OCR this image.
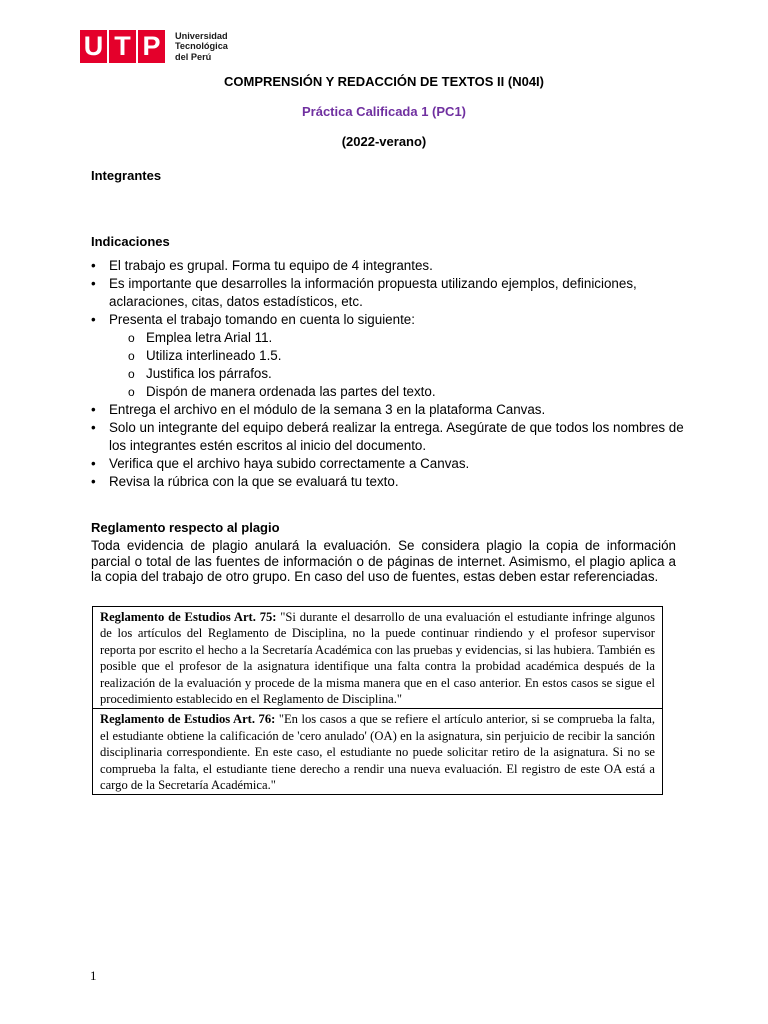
U T P	Universidad
Tecnológica
del Perú
COMPRENSIÓN Y REDACCIÓN DE TEXTOS II (N04I)
Práctica Calificada 1 (PC1)
(2022-verano)
Integrantes
Indicaciones
• El trabajo es grupal. Forma tu equipo de 4 integrantes.
• Es importante que desarrolles la información propuesta utilizando ejemplos, definiciones, aclaraciones, citas, datos estadísticos, etc.
• Presenta el trabajo tomando en cuenta lo siguiente:
o Emplea letra Arial 11.
o Utiliza interlineado 1.5.
o Justifica los párrafos.
o Dispón de manera ordenada las partes del texto.
• Entrega el archivo en el módulo de la semana 3 en la plataforma Canvas.
• Solo un integrante del equipo deberá realizar la entrega. Asegúrate de que todos los nombres de los integrantes estén escritos al inicio del documento.
• Verifica que el archivo haya subido correctamente a Canvas.
• Revisa la rúbrica con la que se evaluará tu texto.
Reglamento respecto al plagio

Toda evidencia de plagio anulará la evaluación. Se considera plagio la copia de información parcial o total de las fuentes de información o de páginas de internet. Asimismo, el plagio aplica a la copia del trabajo de otro grupo. En caso del uso de fuentes, estas deben estar referenciadas.

Reglamento de Estudios Art. 75: "Si durante el desarrollo de una evaluación el estudiante infringe algunos de los artículos del Reglamento de Disciplina, no la puede continuar rindiendo y el profesor supervisor reporta por escrito el hecho a la Secretaría Académica con las pruebas y evidencias, si las hubiera. También es posible que el profesor de la asignatura identifique una falta contra la probidad académica después de la realización de la evaluación y procede de la misma manera que en el caso anterior. En estos casos se sigue el procedimiento establecido en el Reglamento de Disciplina."
Reglamento de Estudios Art. 76: "En los casos a que se refiere el artículo anterior, si se comprueba la falta, el estudiante obtiene la calificación de 'cero anulado' (OA) en la asignatura, sin perjuicio de recibir la sanción disciplinaria correspondiente. En este caso, el estudiante no puede solicitar retiro de la asignatura. Si no se comprueba la falta, el estudiante tiene derecho a rendir una nueva evaluación. El registro de este OA está a cargo de la Secretaría Académica."
1
